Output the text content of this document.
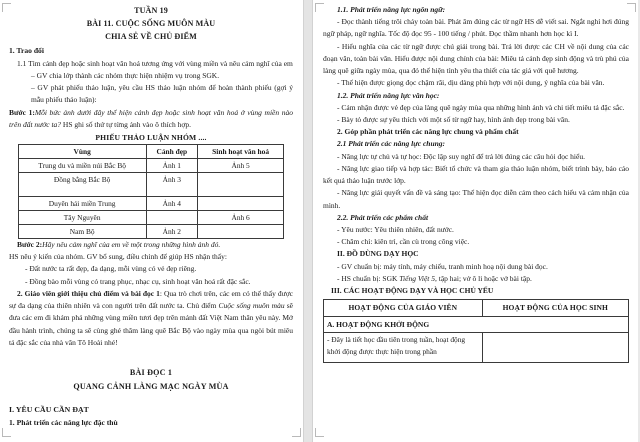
TUẦN 19
BÀI 11. CUỘC SỐNG MUÔN MÀU
CHIA SẺ VỀ CHỦ ĐIỂM

1. Trao đổi

1.1 Tìm cảnh đẹp hoặc sinh hoạt văn hoá tương ứng với vùng miền và nêu cảm nghĩ của em

– GV chia lớp thành các nhóm thực hiện nhiệm vụ trong SGK.

– GV phát phiếu thảo luận, yêu cầu HS thảo luận nhóm để hoàn thành phiếu (gợi ý mẫu phiếu thảo luận):

Bước 1:Mỗi bức ảnh dưới đây thể hiện cảnh đẹp hoặc sinh hoạt văn hoá ở vùng miền nào trên đất nước ta? HS ghi số thứ tự từng ảnh vào ô thích hợp.

PHIẾU THẢO LUẬN NHÓM ....
Vùng	Cảnh đẹp	Sinh hoạt văn hoá
Trung du và miền núi Bắc Bộ	Ảnh 1	Ảnh 5
Đồng bằng Bắc Bộ	Ảnh 3	
Duyên hải miền Trung	Ảnh 4	
Tây Nguyên		Ảnh 6
Nam Bộ	Ảnh 2	

Bước 2:Hãy nêu cảm nghĩ của em về một trong những hình ảnh đó.

HS nêu ý kiến của nhóm. GV bổ sung, điều chỉnh để giúp HS nhận thấy:

- Đất nước ta rất đẹp, đa dạng, mỗi vùng có vẻ đẹp riêng.

- Đồng bào mỗi vùng có trang phục, nhạc cụ, sinh hoạt văn hoá rất đặc sắc.

2. Giáo viên giới thiệu chủ điểm và bài đọc 1: Qua trò chơi trên, các em có thể thấy được sự đa dạng của thiên nhiên và con người trên đất nước ta. Chủ điểm Cuộc sống muôn màu sẽ đưa các em đi khám phá những vùng miền tươi đẹp trên mảnh đất Việt Nam thân yêu này. Mở đầu hành trình, chúng ta sẽ cùng ghé thăm làng quê Bắc Bộ vào ngày mùa qua ngòi bút miêu tả đặc sắc của nhà văn Tô Hoài nhé!

BÀI ĐỌC 1
QUANG CẢNH LÀNG MẠC NGÀY MÙA

I. YÊU CẦU CẦN ĐẠT

1. Phát triển các năng lực đặc thù

1.1. Phát triển năng lực ngôn ngữ:

- Đọc thành tiếng trôi chảy toàn bài. Phát âm đúng các từ ngữ HS dễ viết sai. Ngắt nghỉ hơi đúng ngữ pháp, ngữ nghĩa. Tốc độ đọc 95 - 100 tiếng / phút. Đọc thầm nhanh hơn học kì I.

- Hiểu nghĩa của các từ ngữ được chú giải trong bài. Trả lời được các CH về nội dung của các đoạn văn, toàn bài văn. Hiểu được nội dung chính của bài: Miêu tả cảnh đẹp sinh động và trù phú của làng quê giữa ngày mùa, qua đó thể hiện tình yêu tha thiết của tác giả với quê hương.

- Thể hiện được giọng đọc chậm rãi, dịu dàng phù hợp với nội dung, ý nghĩa của bài văn.

1.2. Phát triển năng lực văn học:

- Cảm nhận được vẻ đẹp của làng quê ngày mùa qua những hình ảnh và chi tiết miêu tả đặc sắc.

- Bày tỏ được sự yêu thích với một số từ ngữ hay, hình ảnh đẹp trong bài văn.

2. Góp phần phát triển các năng lực chung và phẩm chất

2.1 Phát triển các năng lực chung:

- Năng lực tự chủ và tự học: Độc lập suy nghĩ để trả lời đúng các câu hỏi đọc hiểu.

- Năng lực giao tiếp và hợp tác: Biết tổ chức và tham gia thảo luận nhóm, biết trình bày, báo cáo kết quả thảo luận trước lớp.

- Năng lực giải quyết vấn đề và sáng tạo: Thể hiện đọc diễn cảm theo cách hiểu và cảm nhận của mình.

2.2. Phát triển các phẩm chất

- Yêu nước: Yêu thiên nhiên, đất nước.

- Chăm chỉ: kiên trì, cần cù trong công việc.

II. ĐỒ DÙNG DẠY HỌC

- GV chuẩn bị: máy tính, máy chiếu, tranh minh hoạ nội dung bài đọc.

- HS chuẩn bị: SGK Tiếng Việt 5, tập hai; vở ô li hoặc vở bài tập.

III. CÁC HOẠT ĐỘNG DẠY VÀ HỌC CHỦ YẾU

HOẠT ĐỘNG CỦA GIÁO VIÊN	HOẠT ĐỘNG CỦA HỌC SINH
A. HOẠT ĐỘNG KHỞI ĐỘNG	
- Đây là tiết học đầu tiên trong tuần, hoạt động khởi động được thực hiện trong phần	
